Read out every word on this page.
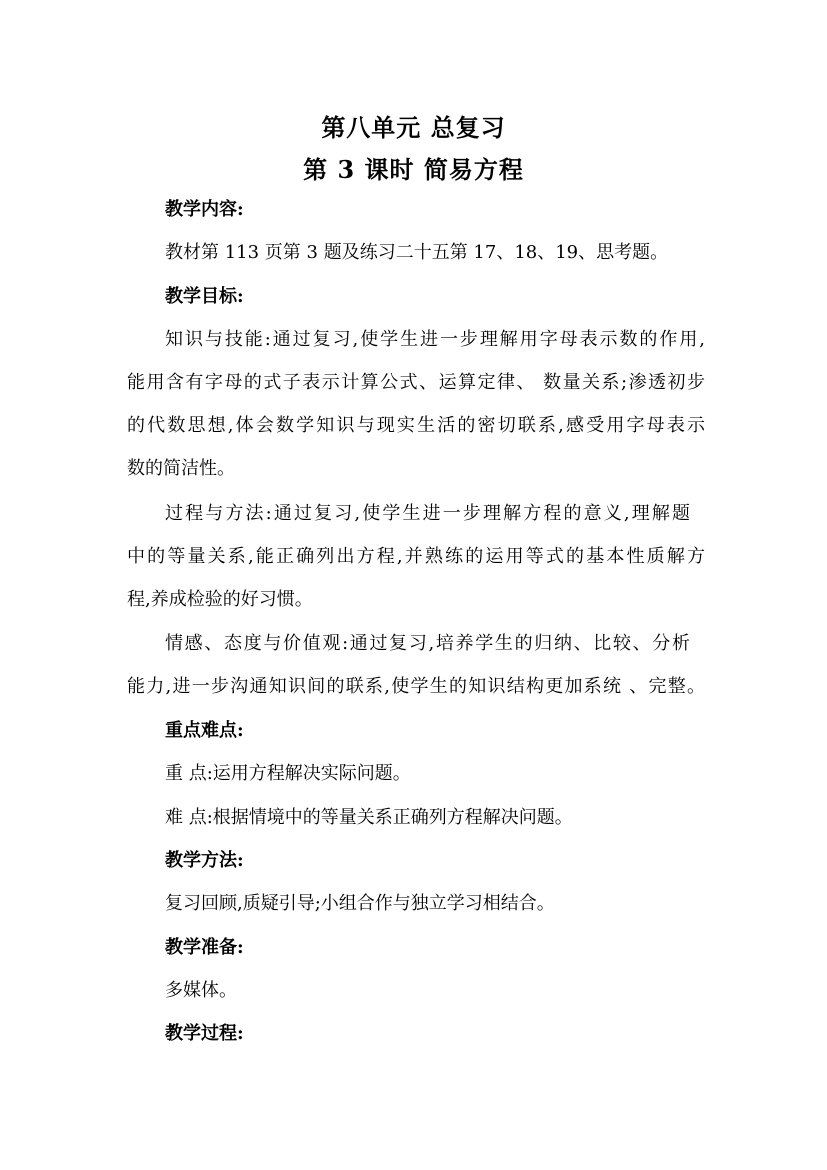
第八单元 总复习
第 3 课时 简易方程
教学内容:
教材第 113 页第 3 题及练习二十五第 17、18、19、思考题。
教学目标:
知识与技能:通过复习,使学生进一步理解用字母表示数的作用,
能用含有字母的式子表示计算公式、运算定律、 数量关系;渗透初步
的代数思想,体会数学知识与现实生活的密切联系,感受用字母表示
数的简洁性。
过程与方法:通过复习,使学生进一步理解方程的意义,理解题
中的等量关系,能正确列出方程,并熟练的运用等式的基本性质解方
程,养成检验的好习惯。
情感、态度与价值观:通过复习,培养学生的归纳、比较、分析
能力,进一步沟通知识间的联系,使学生的知识结构更加系统 、完整。
重点难点:
重 点:运用方程解决实际问题。
难 点:根据情境中的等量关系正确列方程解决问题。
教学方法:
复习回顾,质疑引导;小组合作与独立学习相结合。
教学准备:
多媒体。
教学过程:
